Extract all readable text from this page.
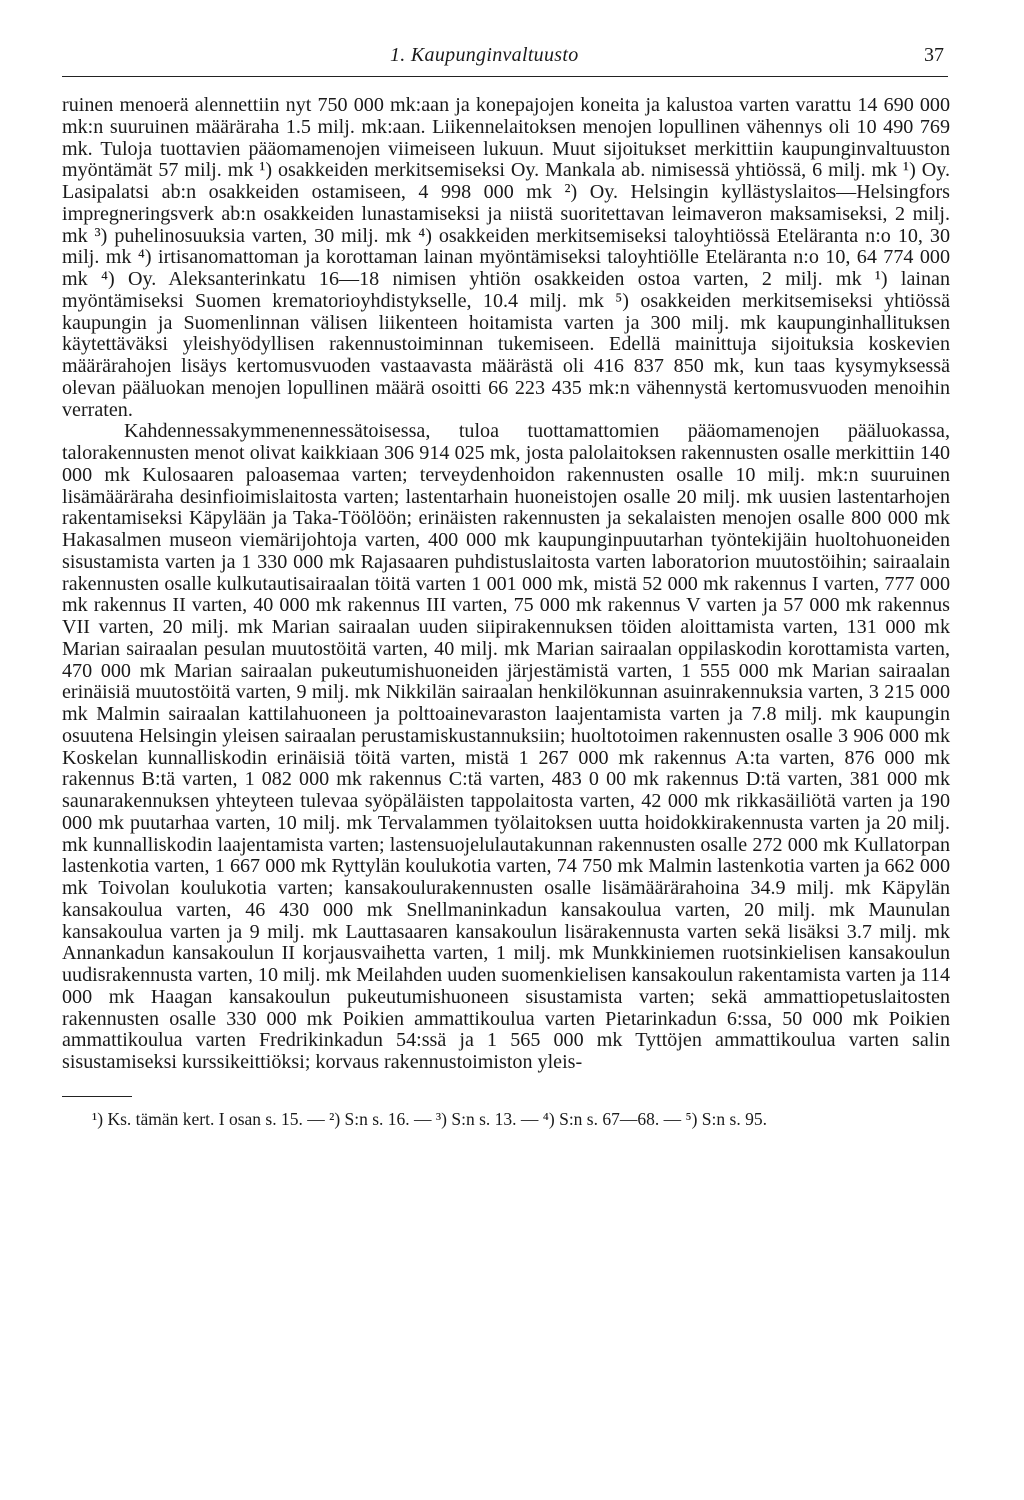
1. Kaupunginvaltuusto	37

ruinen menoerä alennettiin nyt 750 000 mk:aan ja konepajojen koneita ja kalustoa varten varattu 14 690 000 mk:n suuruinen määräraha 1.5 milj. mk:aan. Liikennelaitoksen menojen lopullinen vähennys oli 10 490 769 mk. Tuloja tuottavien pääomamenojen viimeiseen lukuun. Muut sijoitukset merkittiin kaupunginvaltuuston myöntämät 57 milj. mk ¹) osakkeiden merkitsemiseksi Oy. Mankala ab. nimisessä yhtiössä, 6 milj. mk ¹) Oy. Lasipalatsi ab:n osakkeiden ostamiseen, 4 998 000 mk ²) Oy. Helsingin kyllästyslaitos—Helsingfors impregneringsverk ab:n osakkeiden lunastamiseksi ja niistä suoritettavan leimaveron maksamiseksi, 2 milj. mk ³) puhelinosuuksia varten, 30 milj. mk ⁴) osakkeiden merkitsemiseksi taloyhtiössä Eteläranta n:o 10, 30 milj. mk ⁴) irtisanomattoman ja korottaman lainan myöntämiseksi taloyhtiölle Eteläranta n:o 10, 64 774 000 mk ⁴) Oy. Aleksanterinkatu 16—18 nimisen yhtiön osakkeiden ostoa varten, 2 milj. mk ¹) lainan myöntämiseksi Suomen krematorioyhdistykselle, 10.4 milj. mk ⁵) osakkeiden merkitsemiseksi yhtiössä kaupungin ja Suomenlinnan välisen liikenteen hoitamista varten ja 300 milj. mk kaupunginhallituksen käytettäväksi yleishyödyllisen rakennustoiminnan tukemiseen. Edellä mainittuja sijoituksia koskevien määrärahojen lisäys kertomusvuoden vastaavasta määrästä oli 416 837 850 mk, kun taas kysymyksessä olevan pääluokan menojen lopullinen määrä osoitti 66 223 435 mk:n vähennystä kertomusvuoden menoihin verraten.

Kahdennessakymmenennessätoisessa, tuloa tuottamattomien pääomamenojen pääluokassa, talorakennusten menot olivat kaikkiaan 306 914 025 mk, josta palolaitoksen rakennusten osalle merkittiin 140 000 mk Kulosaaren paloasemaa varten; terveydenhoidon rakennusten osalle 10 milj. mk:n suuruinen lisämääräraha desinfioimislaitosta varten; lastentarhain huoneistojen osalle 20 milj. mk uusien lastentarhojen rakentamiseksi Käpylään ja Taka-Töölöön; erinäisten rakennusten ja sekalaisten menojen osalle 800 000 mk Hakasalmen museon viemärijohtoja varten, 400 000 mk kaupunginpuutarhan työntekijäin huoltohuoneiden sisustamista varten ja 1 330 000 mk Rajasaaren puhdistuslaitosta varten laboratorion muutostöihin; sairaalain rakennusten osalle kulkutautisairaalan töitä varten 1 001 000 mk, mistä 52 000 mk rakennus I varten, 777 000 mk rakennus II varten, 40 000 mk rakennus III varten, 75 000 mk rakennus V varten ja 57 000 mk rakennus VII varten, 20 milj. mk Marian sairaalan uuden siipirakennuksen töiden aloittamista varten, 131 000 mk Marian sairaalan pesulan muutostöitä varten, 40 milj. mk Marian sairaalan oppilaskodin korottamista varten, 470 000 mk Marian sairaalan pukeutumishuoneiden järjestämistä varten, 1 555 000 mk Marian sairaalan erinäisiä muutostöitä varten, 9 milj. mk Nikkilän sairaalan henkilökunnan asuinrakennuksia varten, 3 215 000 mk Malmin sairaalan kattilahuoneen ja polttoainevaraston laajentamista varten ja 7.8 milj. mk kaupungin osuutena Helsingin yleisen sairaalan perustamiskustannuksiin; huoltotoimen rakennusten osalle 3 906 000 mk Koskelan kunnalliskodin erinäisiä töitä varten, mistä 1 267 000 mk rakennus A:ta varten, 876 000 mk rakennus B:tä varten, 1 082 000 mk rakennus C:tä varten, 483 0 00 mk rakennus D:tä varten, 381 000 mk saunarakennuksen yhteyteen tulevaa syöpäläisten tappolaitosta varten, 42 000 mk rikkasäiliötä varten ja 190 000 mk puutarhaa varten, 10 milj. mk Tervalammen työlaitoksen uutta hoidokkirakennusta varten ja 20 milj. mk kunnalliskodin laajentamista varten; lastensuojelulautakunnan rakennusten osalle 272 000 mk Kullatorpan lastenkotia varten, 1 667 000 mk Ryttylän koulukotia varten, 74 750 mk Malmin lastenkotia varten ja 662 000 mk Toivolan koulukotia varten; kansakoulurakennusten osalle lisämäärärahoina 34.9 milj. mk Käpylän kansakoulua varten, 46 430 000 mk Snellmaninkadun kansakoulua varten, 20 milj. mk Maunulan kansakoulua varten ja 9 milj. mk Lauttasaaren kansakoulun lisärakennusta varten sekä lisäksi 3.7 milj. mk Annankadun kansakoulun II korjausvaihetta varten, 1 milj. mk Munkkiniemen ruotsinkielisen kansakoulun uudisrakennusta varten, 10 milj. mk Meilahden uuden suomenkielisen kansakoulun rakentamista varten ja 114 000 mk Haagan kansakoulun pukeutumishuoneen sisustamista varten; sekä ammattiopetuslaitosten rakennusten osalle 330 000 mk Poikien ammattikoulua varten Pietarinkadun 6:ssa, 50 000 mk Poikien ammattikoulua varten Fredrikinkadun 54:ssä ja 1 565 000 mk Tyttöjen ammattikoulua varten salin sisustamiseksi kurssikeittiöksi; korvaus rakennustoimiston yleis-

¹) Ks. tämän kert. I osan s. 15. — ²) S:n s. 16. — ³) S:n s. 13. — ⁴) S:n s. 67—68. — ⁵) S:n s. 95.
